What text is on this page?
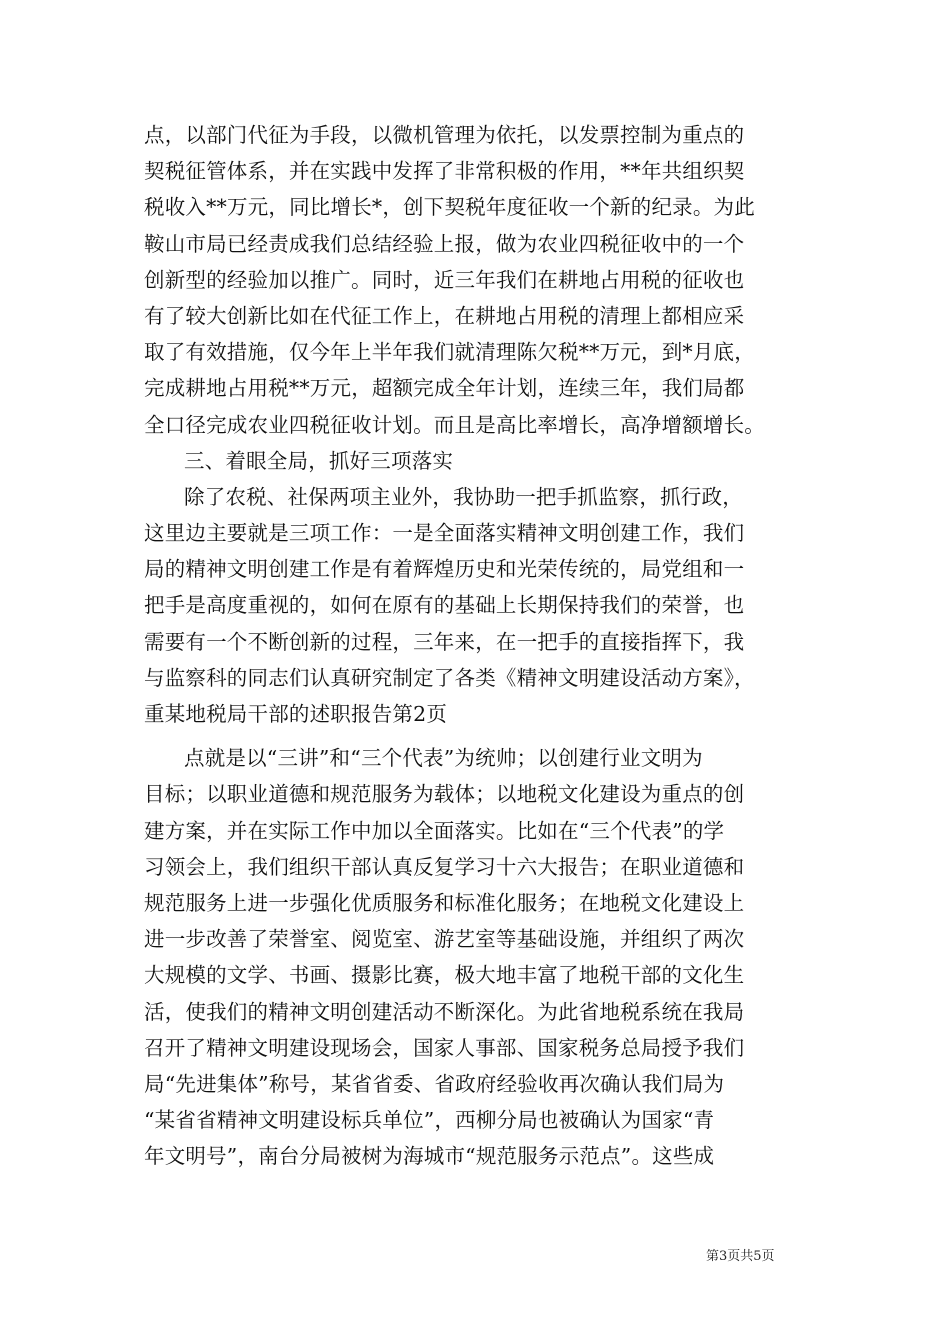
点，以部门代征为手段，以微机管理为依托，以发票控制为重点的
契税征管体系，并在实践中发挥了非常积极的作用，**年共组织契
税收入**万元，同比增长*，创下契税年度征收一个新的纪录。为此
鞍山市局已经责成我们总结经验上报，做为农业四税征收中的一个
创新型的经验加以推广。同时，近三年我们在耕地占用税的征收也
有了较大创新比如在代征工作上，在耕地占用税的清理上都相应采
取了有效措施，仅今年上半年我们就清理陈欠税**万元，到*月底，
完成耕地占用税**万元，超额完成全年计划，连续三年，我们局都
全口径完成农业四税征收计划。而且是高比率增长，高净增额增长。
三、着眼全局，抓好三项落实
除了农税、社保两项主业外，我协助一把手抓监察，抓行政，
这里边主要就是三项工作：一是全面落实精神文明创建工作，我们
局的精神文明创建工作是有着辉煌历史和光荣传统的，局党组和一
把手是高度重视的，如何在原有的基础上长期保持我们的荣誉，也
需要有一个不断创新的过程，三年来，在一把手的直接指挥下，我
与监察科的同志们认真研究制定了各类《精神文明建设活动方案》，
重某地税局干部的述职报告第2页
点就是以“三讲”和“三个代表”为统帅；以创建行业文明为
目标；以职业道德和规范服务为载体；以地税文化建设为重点的创
建方案，并在实际工作中加以全面落实。比如在“三个代表”的学
习领会上，我们组织干部认真反复学习十六大报告；在职业道德和
规范服务上进一步强化优质服务和标准化服务；在地税文化建设上
进一步改善了荣誉室、阅览室、游艺室等基础设施，并组织了两次
大规模的文学、书画、摄影比赛，极大地丰富了地税干部的文化生
活，使我们的精神文明创建活动不断深化。为此省地税系统在我局
召开了精神文明建设现场会，国家人事部、国家税务总局授予我们
局“先进集体”称号，某省省委、省政府经验收再次确认我们局为
“某省省精神文明建设标兵单位”，西柳分局也被确认为国家“青
年文明号”，南台分局被树为海城市“规范服务示范点”。这些成
第3页共5页
